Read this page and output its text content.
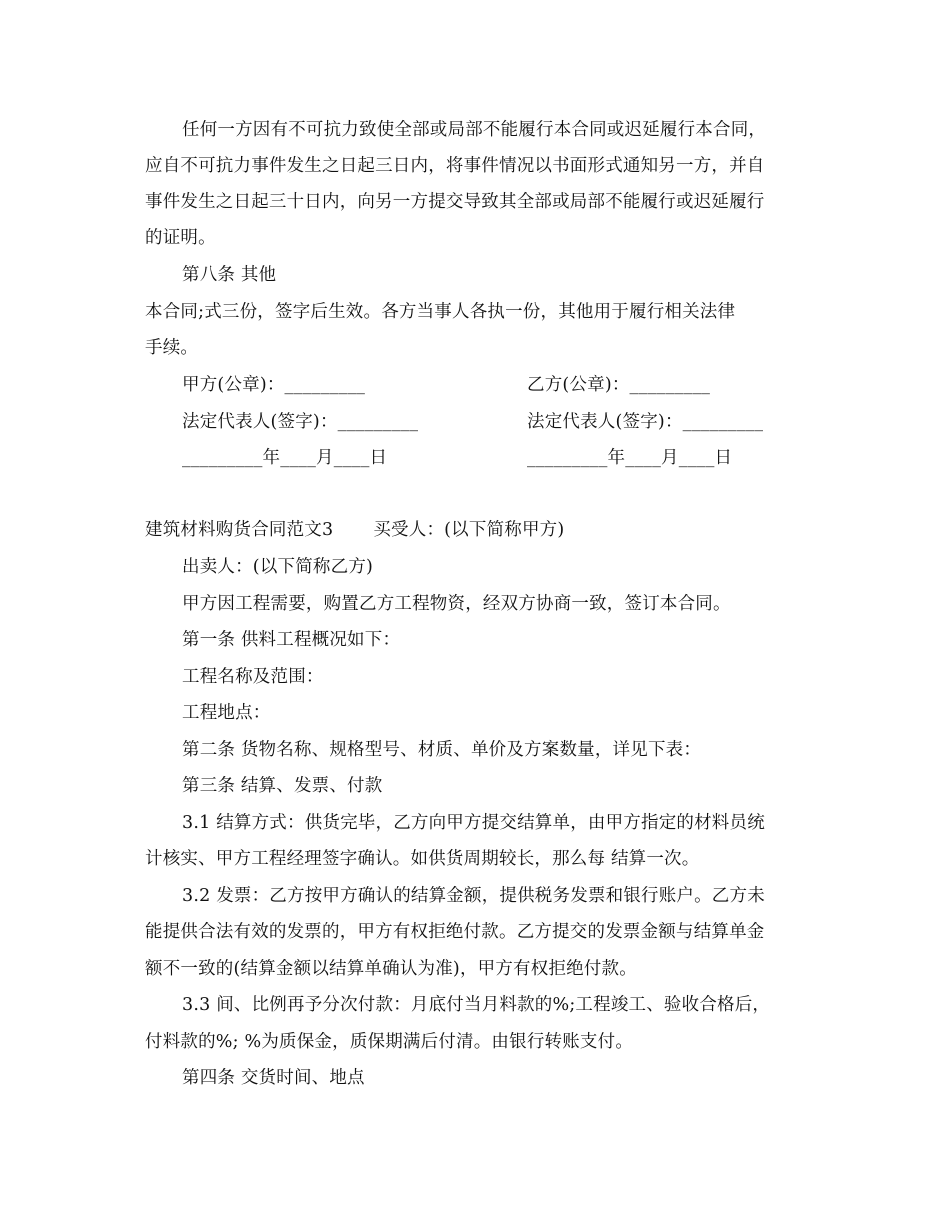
任何一方因有不可抗力致使全部或局部不能履行本合同或迟延履行本合同，
应自不可抗力事件发生之日起三日内，将事件情况以书面形式通知另一方，并自
事件发生之日起三十日内，向另一方提交导致其全部或局部不能履行或迟延履行
的证明。
第八条 其他
本合同;式三份，签字后生效。各方当事人各执一份，其他用于履行相关法律
手续。
甲方(公章)：_________	乙方(公章)：_________
法定代表人(签字)：_________	法定代表人(签字)：_________
_________年____月____日	_________年____月____日
建筑材料购货合同范文3 买受人：(以下简称甲方)
出卖人：(以下简称乙方)
甲方因工程需要，购置乙方工程物资，经双方协商一致，签订本合同。
第一条 供料工程概况如下：
工程名称及范围：
工程地点：
第二条 货物名称、规格型号、材质、单价及方案数量，详见下表：
第三条 结算、发票、付款
3.1 结算方式：供货完毕，乙方向甲方提交结算单，由甲方指定的材料员统
计核实、甲方工程经理签字确认。如供货周期较长，那么每 结算一次。
3.2 发票：乙方按甲方确认的结算金额，提供税务发票和银行账户。乙方未
能提供合法有效的发票的，甲方有权拒绝付款。乙方提交的发票金额与结算单金
额不一致的(结算金额以结算单确认为准)，甲方有权拒绝付款。
3.3 间、比例再予分次付款：月底付当月料款的%;工程竣工、验收合格后，
付料款的%; %为质保金，质保期满后付清。由银行转账支付。
第四条 交货时间、地点
